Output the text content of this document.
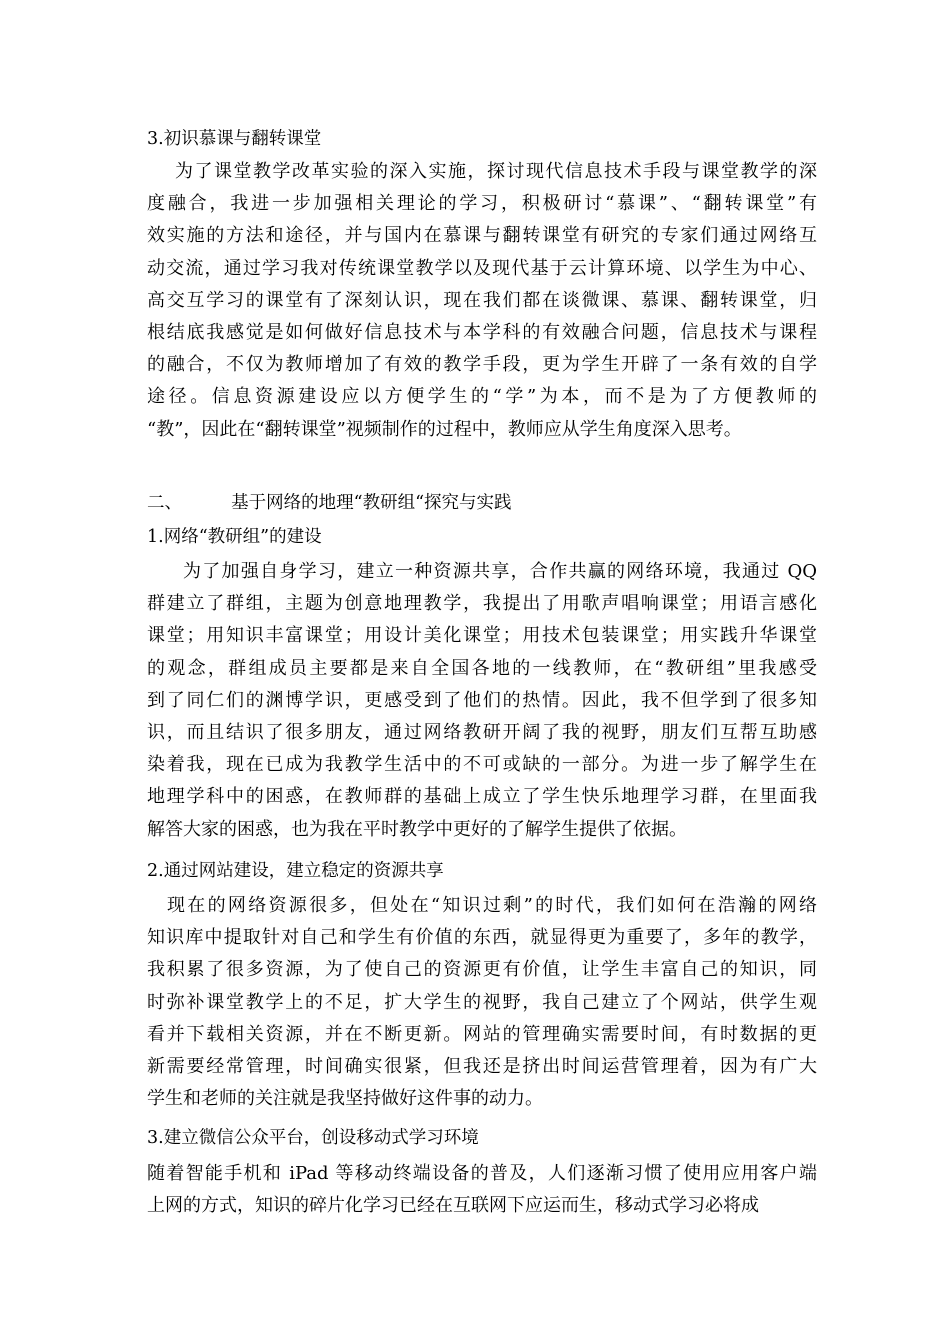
3.初识慕课与翻转课堂
为了课堂教学改革实验的深入实施，探讨现代信息技术手段与课堂教学的深
度融合，我进一步加强相关理论的学习，积极研讨“慕课”、“翻转课堂”有
效实施的方法和途径，并与国内在慕课与翻转课堂有研究的专家们通过网络互
动交流，通过学习我对传统课堂教学以及现代基于云计算环境、以学生为中心、
高交互学习的课堂有了深刻认识，现在我们都在谈微课、慕课、翻转课堂，归
根结底我感觉是如何做好信息技术与本学科的有效融合问题，信息技术与课程
的融合，不仅为教师增加了有效的教学手段，更为学生开辟了一条有效的自学
途径。信息资源建设应以方便学生的“学”为本，而不是为了方便教师的
“教”，因此在“翻转课堂”视频制作的过程中，教师应从学生角度深入思考。
二、	基于网络的地理“教研组“探究与实践
1.网络“教研组”的建设
为了加强自身学习，建立一种资源共享，合作共赢的网络环境，我通过 QQ
群建立了群组，主题为创意地理教学，我提出了用歌声唱响课堂；用语言感化
课堂；用知识丰富课堂；用设计美化课堂；用技术包装课堂；用实践升华课堂
的观念，群组成员主要都是来自全国各地的一线教师，在“教研组”里我感受
到了同仁们的渊博学识，更感受到了他们的热情。因此，我不但学到了很多知
识，而且结识了很多朋友，通过网络教研开阔了我的视野，朋友们互帮互助感
染着我，现在已成为我教学生活中的不可或缺的一部分。为进一步了解学生在
地理学科中的困惑，在教师群的基础上成立了学生快乐地理学习群，在里面我
解答大家的困惑，也为我在平时教学中更好的了解学生提供了依据。
2.通过网站建设，建立稳定的资源共享
现在的网络资源很多，但处在“知识过剩”的时代，我们如何在浩瀚的网络
知识库中提取针对自己和学生有价值的东西，就显得更为重要了，多年的教学，
我积累了很多资源，为了使自己的资源更有价值，让学生丰富自己的知识，同
时弥补课堂教学上的不足，扩大学生的视野，我自己建立了个网站，供学生观
看并下载相关资源，并在不断更新。网站的管理确实需要时间，有时数据的更
新需要经常管理，时间确实很紧，但我还是挤出时间运营管理着，因为有广大
学生和老师的关注就是我坚持做好这件事的动力。
3.建立微信公众平台，创设移动式学习环境
随着智能手机和 iPad 等移动终端设备的普及，人们逐渐习惯了使用应用客户端
上网的方式，知识的碎片化学习已经在互联网下应运而生，移动式学习必将成
